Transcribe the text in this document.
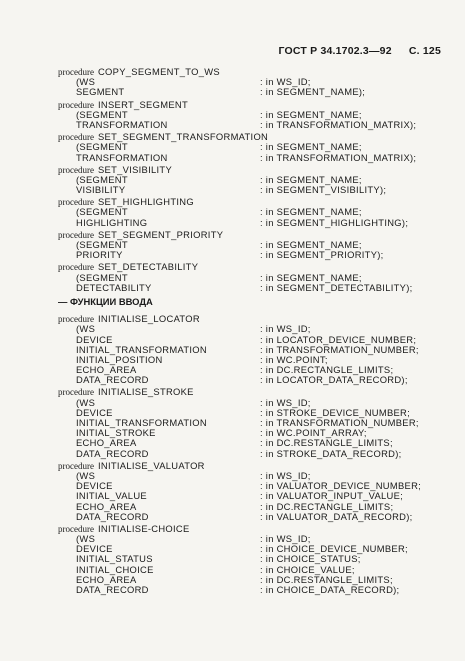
ГОСТ Р 34.1702.3—92 С. 125
procedure COPY_SEGMENT_TO_WS
(WS	: in WS_ID;
SEGMENT	: in SEGMENT_NAME);
procedure INSERT_SEGMENT
(SEGMENT	: in SEGMENT_NAME;
TRANSFORMATION	: in TRANSFORMATION_MATRIX);
procedure SET_SEGMENT_TRANSFORMATION
(SEGMENT	: in SEGMENT_NAME;
TRANSFORMATION	: in TRANSFORMATION_MATRIX);
procedure SET_VISIBILITY
(SEGMENT	: in SEGMENT_NAME;
VISIBILITY	: in SEGMENT_VISIBILITY);
procedure SET_HIGHLIGHTING
(SEGMENT	: in SEGMENT_NAME;
HIGHLIGHTING	: in SEGMENT_HIGHLIGHTING);
procedure SET_SEGMENT_PRIORITY
(SEGMENT	: in SEGMENT_NAME;
PRIORITY	: in SEGMENT_PRIORITY);
procedure SET_DETECTABILITY
(SEGMENT	: in SEGMENT_NAME;
DETECTABILITY	: in SEGMENT_DETECTABILITY);
— ФУНКЦИИ ВВОДА
procedure INITIALISE_LOCATOR
(WS	: in WS_ID;
DEVICE	: in LOCATOR_DEVICE_NUMBER;
INITIAL_TRANSFORMATION	: in TRANSFORMATION_NUMBER;
INITIAL_POSITION	: in WC.POINT;
ECHO_AREA	: in DC.RECTANGLE_LIMITS;
DATA_RECORD	: in LOCATOR_DATA_RECORD);
procedure INITIALISE_STROKE
(WS	: in WS_ID;
DEVICE	: in STROKE_DEVICE_NUMBER;
INITIAL_TRANSFORMATION	: in TRANSFORMATION_NUMBER;
INITIAL_STROKE	: in WC.POINT_ARRAY;
ECHO_AREA	: in DC.RESTANGLE_LIMITS;
DATA_RECORD	: in STROKE_DATA_RECORD);
procedure INITIALISE_VALUATOR
(WS	: in WS_ID;
DEVICE	: in VALUATOR_DEVICE_NUMBER;
INITIAL_VALUE	: in VALUATOR_INPUT_VALUE;
ECHO_AREA	: in DC.RECTANGLE_LIMITS;
DATA_RECORD	: in VALUATOR_DATA_RECORD);
procedure INITIALISE-CHOICE
(WS	: in WS_ID;
DEVICE	: in CHOICE_DEVICE_NUMBER;
INITIAL_STATUS	: in CHOICE_STATUS;
INITIAL_CHOICE	: in CHOICE_VALUE;
ECHO_AREA	: in DC.RESTANGLE_LIMITS;
DATA_RECORD	: in CHOICE_DATA_RECORD);
